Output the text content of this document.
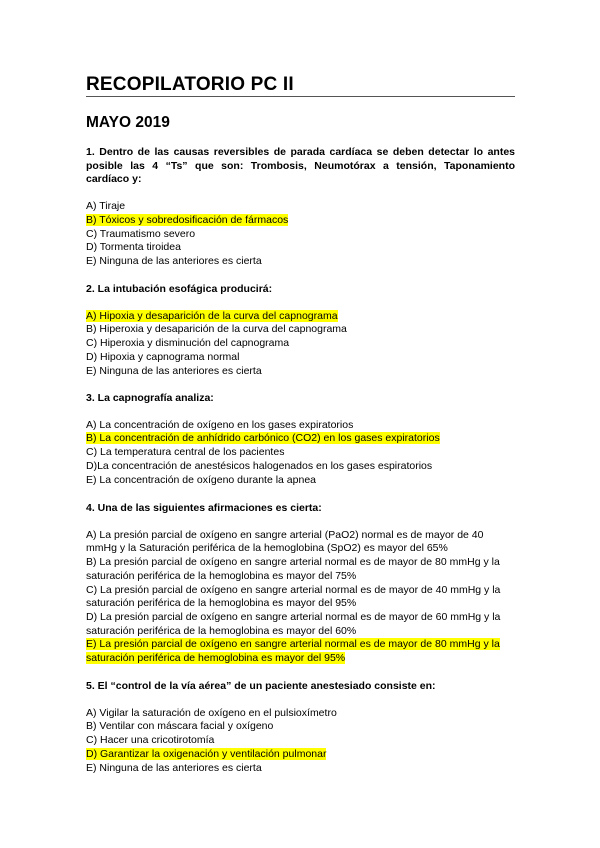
RECOPILATORIO PC II
MAYO 2019

1. Dentro de las causas reversibles de parada cardíaca se deben detectar lo antes posible las 4 “Ts” que son: Trombosis, Neumotórax a tensión, Taponamiento cardíaco y:

A) Tiraje

B) Tóxicos y sobredosificación de fármacos

C) Traumatismo severo

D) Tormenta tiroidea

E) Ninguna de las anteriores es cierta

2. La intubación esofágica producirá:

A) Hipoxia y desaparición de la curva del capnograma

B) Hiperoxia y desaparición de la curva del capnograma

C) Hiperoxia y disminución del capnograma

D) Hipoxia y capnograma normal

E) Ninguna de las anteriores es cierta

3. La capnografía analiza:

A) La concentración de oxígeno en los gases expiratorios

B) La concentración de anhídrido carbónico (CO2) en los gases expiratorios

C) La temperatura central de los pacientes

D)La concentración de anestésicos halogenados en los gases espiratorios

E) La concentración de oxígeno durante la apnea

4. Una de las siguientes afirmaciones es cierta:

A) La presión parcial de oxígeno en sangre arterial (PaO2) normal es de mayor de 40 mmHg y la Saturación periférica de la hemoglobina (SpO2) es mayor del 65%

B) La presión parcial de oxígeno en sangre arterial normal es de mayor de 80 mmHg y la saturación periférica de la hemoglobina es mayor del 75%

C) La presión parcial de oxígeno en sangre arterial normal es de mayor de 40 mmHg y la saturación periférica de la hemoglobina es mayor del 95%

D) La presión parcial de oxígeno en sangre arterial normal es de mayor de 60 mmHg y la saturación periférica de la hemoglobina es mayor del 60%

E) La presión parcial de oxígeno en sangre arterial normal es de mayor de 80 mmHg y la saturación periférica de hemoglobina es mayor del 95%

5. El “control de la vía aérea” de un paciente anestesiado consiste en:

A) Vigilar la saturación de oxígeno en el pulsioxímetro

B) Ventilar con máscara facial y oxígeno

C) Hacer una cricotirotomía

D) Garantizar la oxigenación y ventilación pulmonar

E) Ninguna de las anteriores es cierta
